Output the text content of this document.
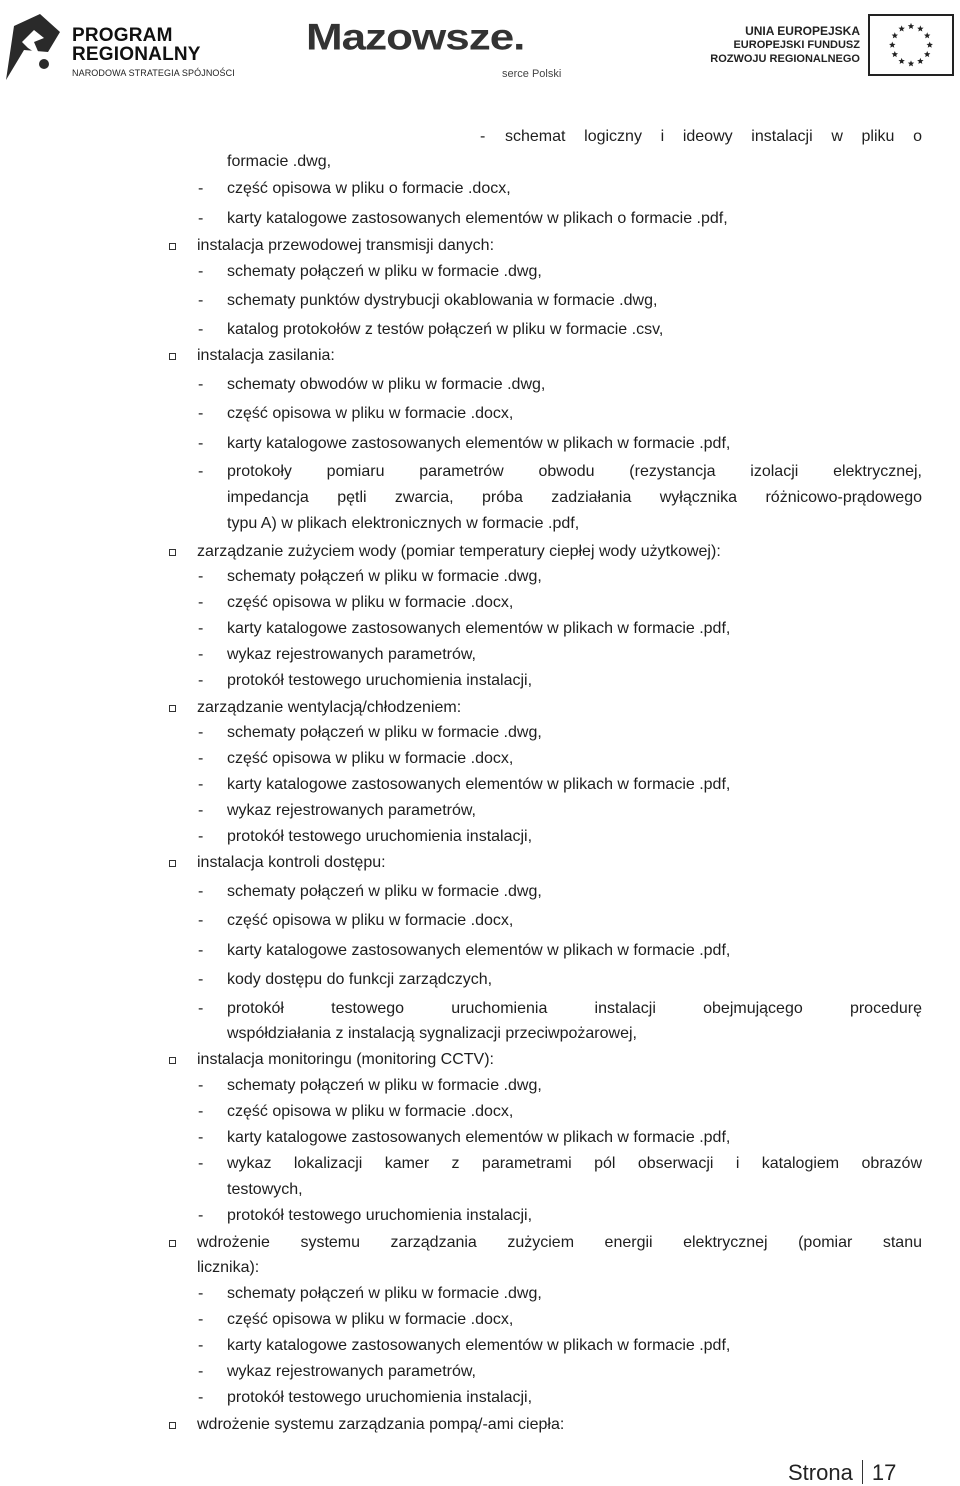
PROGRAM
REGIONALNY
NARODOWA STRATEGIA SPÓJNOŚCI
Mazowsze.
serce Polski
UNIA EUROPEJSKA
EUROPEJSKI FUNDUSZ
ROZWOJU REGIONALNEGO
- schemat logiczny i ideowy instalacji w pliku o
formacie .dwg,
- część opisowa w pliku o formacie .docx,
- karty katalogowe zastosowanych elementów w plikach o formacie .pdf,
instalacja przewodowej transmisji danych:
- schematy połączeń w pliku w formacie .dwg,
- schematy punktów dystrybucji okablowania w formacie .dwg,
- katalog protokołów z testów połączeń w pliku w formacie .csv,
instalacja zasilania:
- schematy obwodów w pliku w formacie .dwg,
- część opisowa w pliku w formacie .docx,
- karty katalogowe zastosowanych elementów w plikach w formacie .pdf,
- protokoły pomiaru parametrów obwodu (rezystancja izolacji elektrycznej,
impedancja pętli zwarcia, próba zadziałania wyłącznika różnicowo-prądowego
typu A) w plikach elektronicznych w formacie .pdf,
zarządzanie zużyciem wody (pomiar temperatury ciepłej wody użytkowej):
- schematy połączeń w pliku w formacie .dwg,
- część opisowa w pliku w formacie .docx,
- karty katalogowe zastosowanych elementów w plikach w formacie .pdf,
- wykaz rejestrowanych parametrów,
- protokół testowego uruchomienia instalacji,
zarządzanie wentylacją/chłodzeniem:
- schematy połączeń w pliku w formacie .dwg,
- część opisowa w pliku w formacie .docx,
- karty katalogowe zastosowanych elementów w plikach w formacie .pdf,
- wykaz rejestrowanych parametrów,
- protokół testowego uruchomienia instalacji,
instalacja kontroli dostępu:
- schematy połączeń w pliku w formacie .dwg,
- część opisowa w pliku w formacie .docx,
- karty katalogowe zastosowanych elementów w plikach w formacie .pdf,
- kody dostępu do funkcji zarządczych,
- protokół testowego uruchomienia instalacji obejmującego procedurę
współdziałania z instalacją sygnalizacji przeciwpożarowej,
instalacja monitoringu (monitoring CCTV):
- schematy połączeń w pliku w formacie .dwg,
- część opisowa w pliku w formacie .docx,
- karty katalogowe zastosowanych elementów w plikach w formacie .pdf,
- wykaz lokalizacji kamer z parametrami pól obserwacji i katalogiem obrazów
testowych,
- protokół testowego uruchomienia instalacji,
wdrożenie systemu zarządzania zużyciem energii elektrycznej (pomiar stanu
licznika):
- schematy połączeń w pliku w formacie .dwg,
- część opisowa w pliku w formacie .docx,
- karty katalogowe zastosowanych elementów w plikach w formacie .pdf,
- wykaz rejestrowanych parametrów,
- protokół testowego uruchomienia instalacji,
wdrożenie systemu zarządzania pompą/-ami ciepła:
Strona 17
